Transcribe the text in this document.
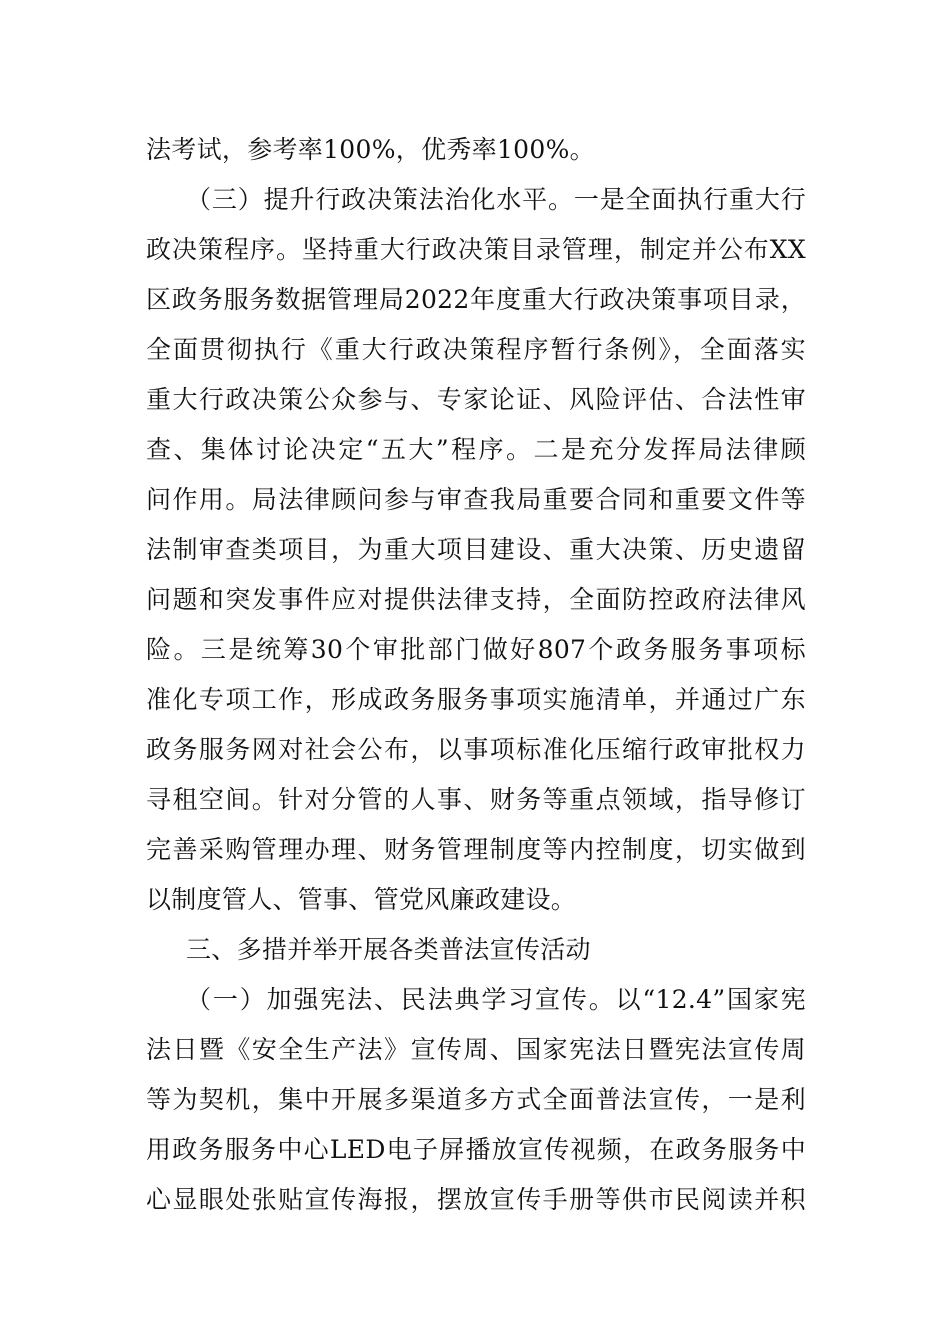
法考试，参考率100%，优秀率100%。
（三）提升行政决策法治化水平。一是全面执行重大行
政决策程序。坚持重大行政决策目录管理，制定并公布XX
区政务服务数据管理局2022年度重大行政决策事项目录，
全面贯彻执行《重大行政决策程序暂行条例》，全面落实
重大行政决策公众参与、专家论证、风险评估、合法性审
查、集体讨论决定“五大”程序。二是充分发挥局法律顾
问作用。局法律顾问参与审查我局重要合同和重要文件等
法制审查类项目，为重大项目建设、重大决策、历史遗留
问题和突发事件应对提供法律支持，全面防控政府法律风
险。三是统筹30个审批部门做好807个政务服务事项标
准化专项工作，形成政务服务事项实施清单，并通过广东
政务服务网对社会公布，以事项标准化压缩行政审批权力
寻租空间。针对分管的人事、财务等重点领域，指导修订
完善采购管理办理、财务管理制度等内控制度，切实做到
以制度管人、管事、管党风廉政建设。
三、多措并举开展各类普法宣传活动
（一）加强宪法、民法典学习宣传。以“12.4”国家宪
法日暨《安全生产法》宣传周、国家宪法日暨宪法宣传周
等为契机，集中开展多渠道多方式全面普法宣传，一是利
用政务服务中心LED电子屏播放宣传视频，在政务服务中
心显眼处张贴宣传海报，摆放宣传手册等供市民阅读并积
